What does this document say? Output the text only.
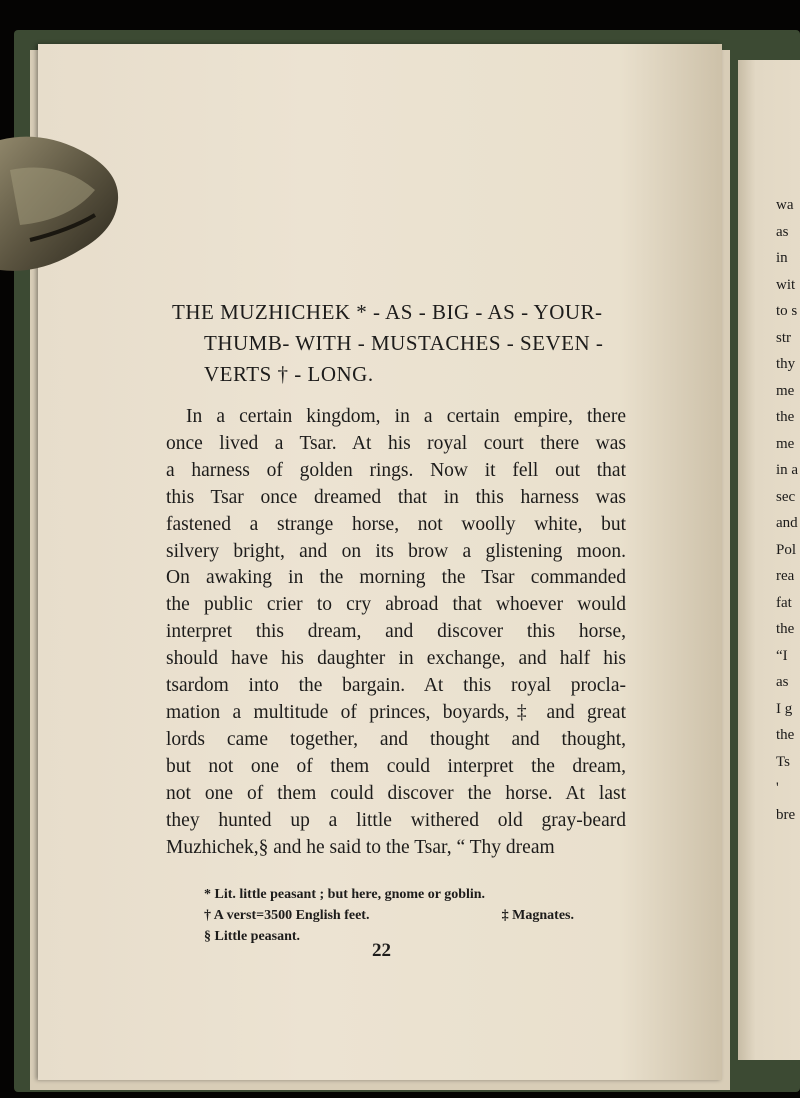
wa
as
in
wit
to s
str
thy
me
the
me
in a
sec
and
Pol
rea
fat
the
“I
as
I g
the
Ts
'
bre
THE MUZHICHEK * - AS - BIG - AS - YOUR-
THUMB- WITH - MUSTACHES - SEVEN -
VERTS † - LONG.
In a certain kingdom, in a certain empire, there
once lived a Tsar. At his royal court there was
a harness of golden rings. Now it fell out that
this Tsar once dreamed that in this harness was
fastened a strange horse, not woolly white, but
silvery bright, and on its brow a glistening moon.
On awaking in the morning the Tsar commanded
the public crier to cry abroad that whoever would
interpret this dream, and discover this horse,
should have his daughter in exchange, and half his
tsardom into the bargain. At this royal procla-
mation a multitude of princes, boyards,‡ and great
lords came together, and thought and thought,
but not one of them could interpret the dream,
not one of them could discover the horse. At last
they hunted up a little withered old gray-beard
Muzhichek,§ and he said to the Tsar, “ Thy dream
* Lit. little peasant ; but here, gnome or goblin.
† A verst=3500 English feet.	‡ Magnates.
§ Little peasant.
22
